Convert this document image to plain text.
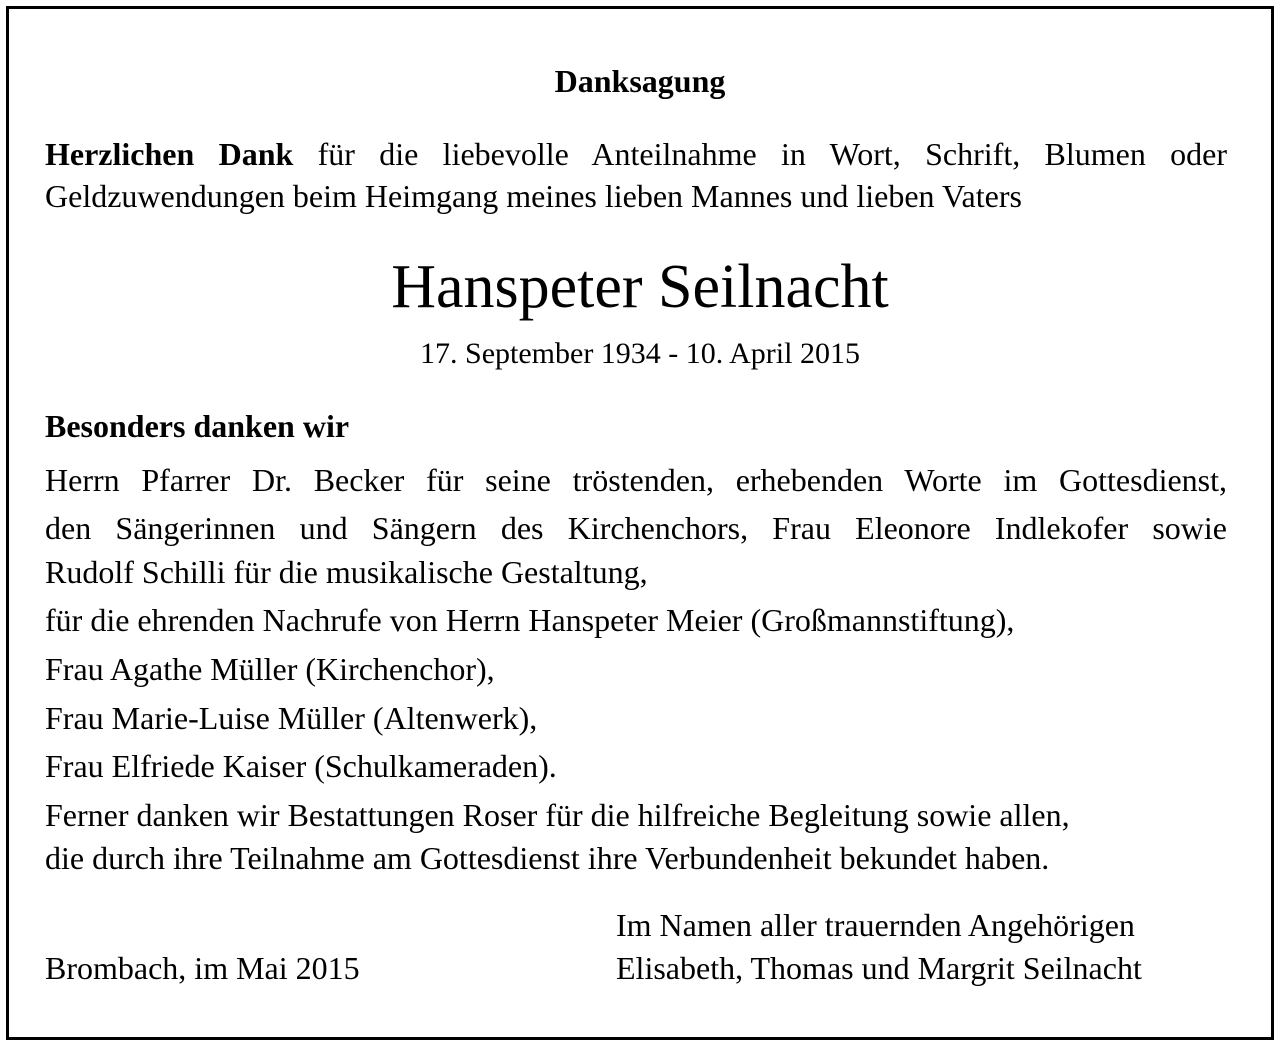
Danksagung
Herzlichen Dank für die liebevolle Anteilnahme in Wort, Schrift, Blumen oder
Geldzuwendungen beim Heimgang meines lieben Mannes und lieben Vaters
Hanspeter Seilnacht
17. September 1934 - 10. April 2015
Besonders danken wir
Herrn Pfarrer Dr. Becker für seine tröstenden, erhebenden Worte im Gottesdienst,
den Sängerinnen und Sängern des Kirchenchors, Frau Eleonore Indlekofer sowie
Rudolf Schilli für die musikalische Gestaltung,
für die ehrenden Nachrufe von Herrn Hanspeter Meier (Großmannstiftung),
Frau Agathe Müller (Kirchenchor),
Frau Marie-Luise Müller (Altenwerk),
Frau Elfriede Kaiser (Schulkameraden).
Ferner danken wir Bestattungen Roser für die hilfreiche Begleitung sowie allen,
die durch ihre Teilnahme am Gottesdienst ihre Verbundenheit bekundet haben.
Im Namen aller trauernden Angehörigen
Brombach, im Mai 2015	Elisabeth, Thomas und Margrit Seilnacht
